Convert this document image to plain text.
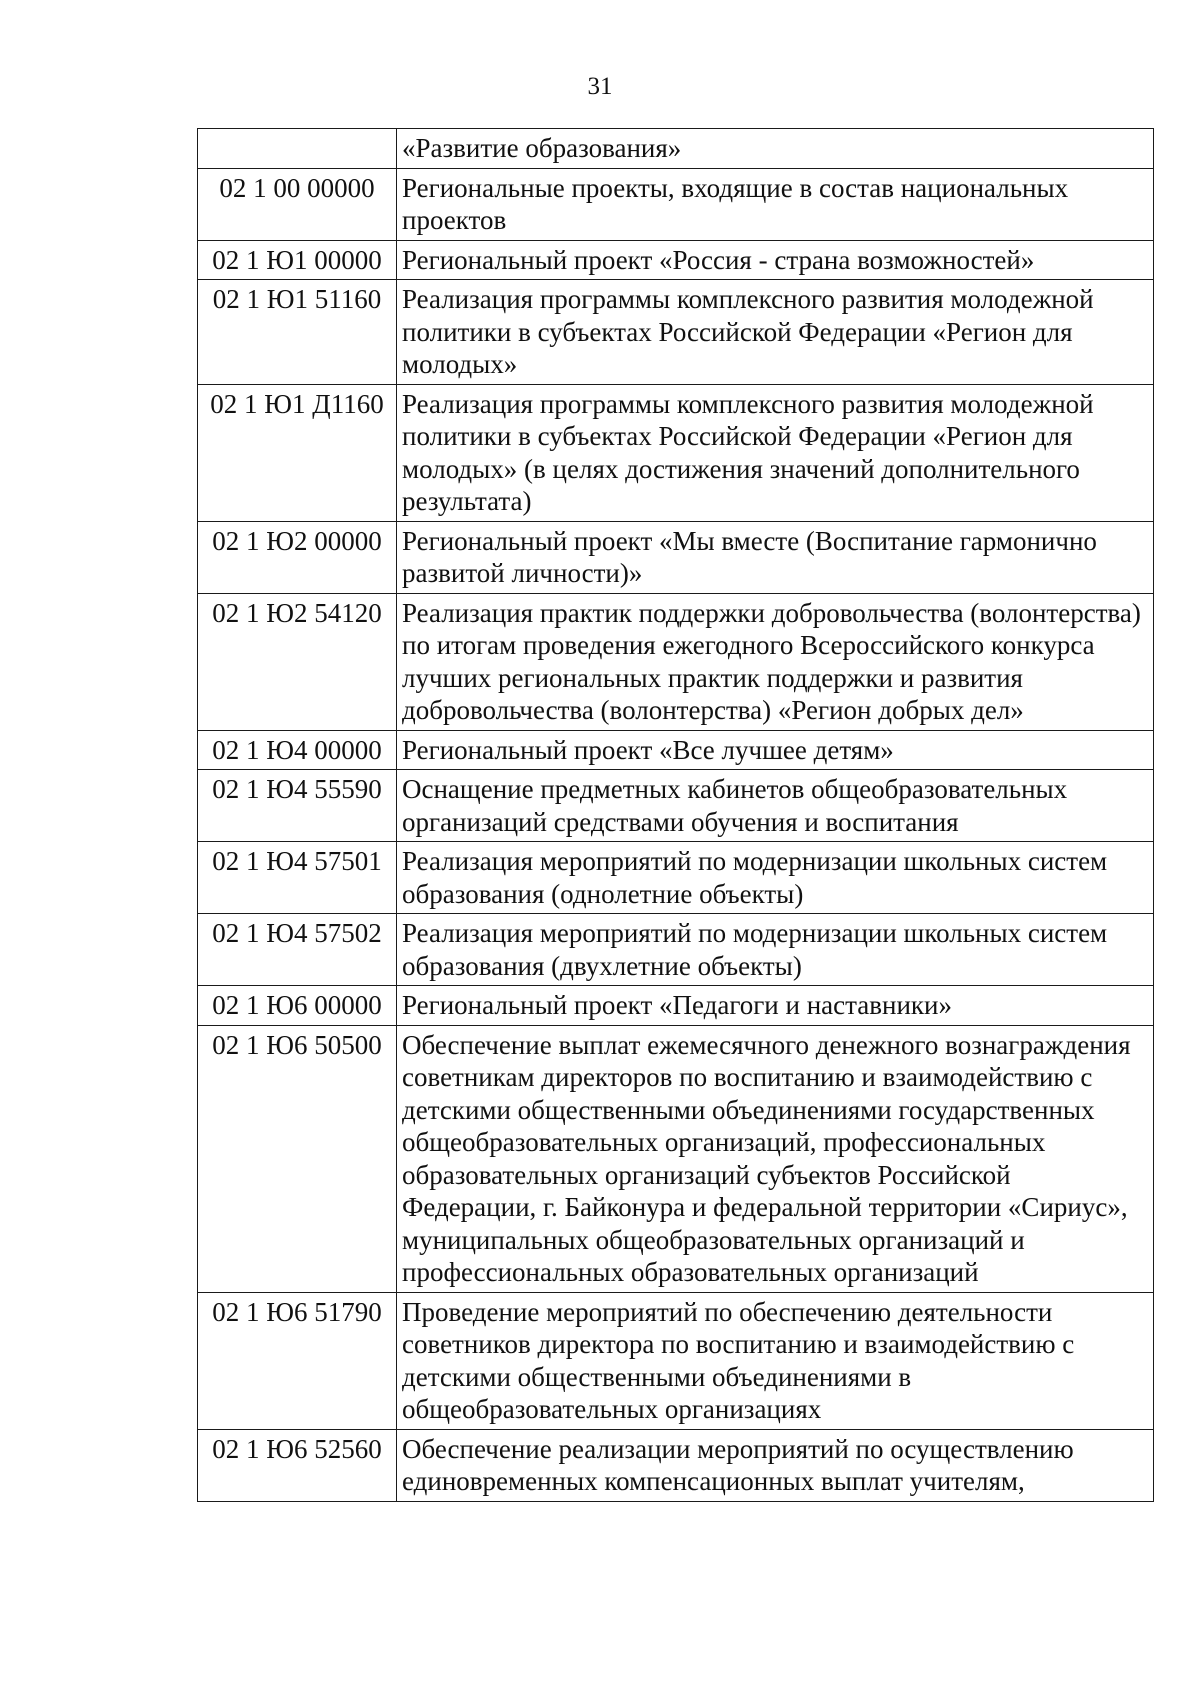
31
	«Развитие образования»
02 1 00 00000	Региональные проекты, входящие в состав национальных проектов
02 1 Ю1 00000	Региональный проект «Россия - страна возможностей»
02 1 Ю1 51160	Реализация программы комплексного развития молодежной политики в субъектах Российской Федерации «Регион для молодых»
02 1 Ю1 Д1160	Реализация программы комплексного развития молодежной политики в субъектах Российской Федерации «Регион для молодых» (в целях достижения значений дополнительного результата)
02 1 Ю2 00000	Региональный проект «Мы вместе (Воспитание гармонично развитой личности)»
02 1 Ю2 54120	Реализация практик поддержки добровольчества (волонтерства) по итогам проведения ежегодного Всероссийского конкурса лучших региональных практик поддержки и развития добровольчества (волонтерства) «Регион добрых дел»
02 1 Ю4 00000	Региональный проект «Все лучшее детям»
02 1 Ю4 55590	Оснащение предметных кабинетов общеобразовательных организаций средствами обучения и воспитания
02 1 Ю4 57501	Реализация мероприятий по модернизации школьных систем образования (однолетние объекты)
02 1 Ю4 57502	Реализация мероприятий по модернизации школьных систем образования (двухлетние объекты)
02 1 Ю6 00000	Региональный проект «Педагоги и наставники»
02 1 Ю6 50500	Обеспечение выплат ежемесячного денежного вознаграждения советникам директоров по воспитанию и взаимодействию с детскими общественными объединениями государственных общеобразовательных организаций, профессиональных образовательных организаций субъектов Российской Федерации, г. Байконура и федеральной территории «Сириус», муниципальных общеобразовательных организаций и профессиональных образовательных организаций
02 1 Ю6 51790	Проведение мероприятий по обеспечению деятельности советников директора по воспитанию и взаимодействию с детскими общественными объединениями в общеобразовательных организациях
02 1 Ю6 52560	Обеспечение реализации мероприятий по осуществлению единовременных компенсационных выплат учителям,
